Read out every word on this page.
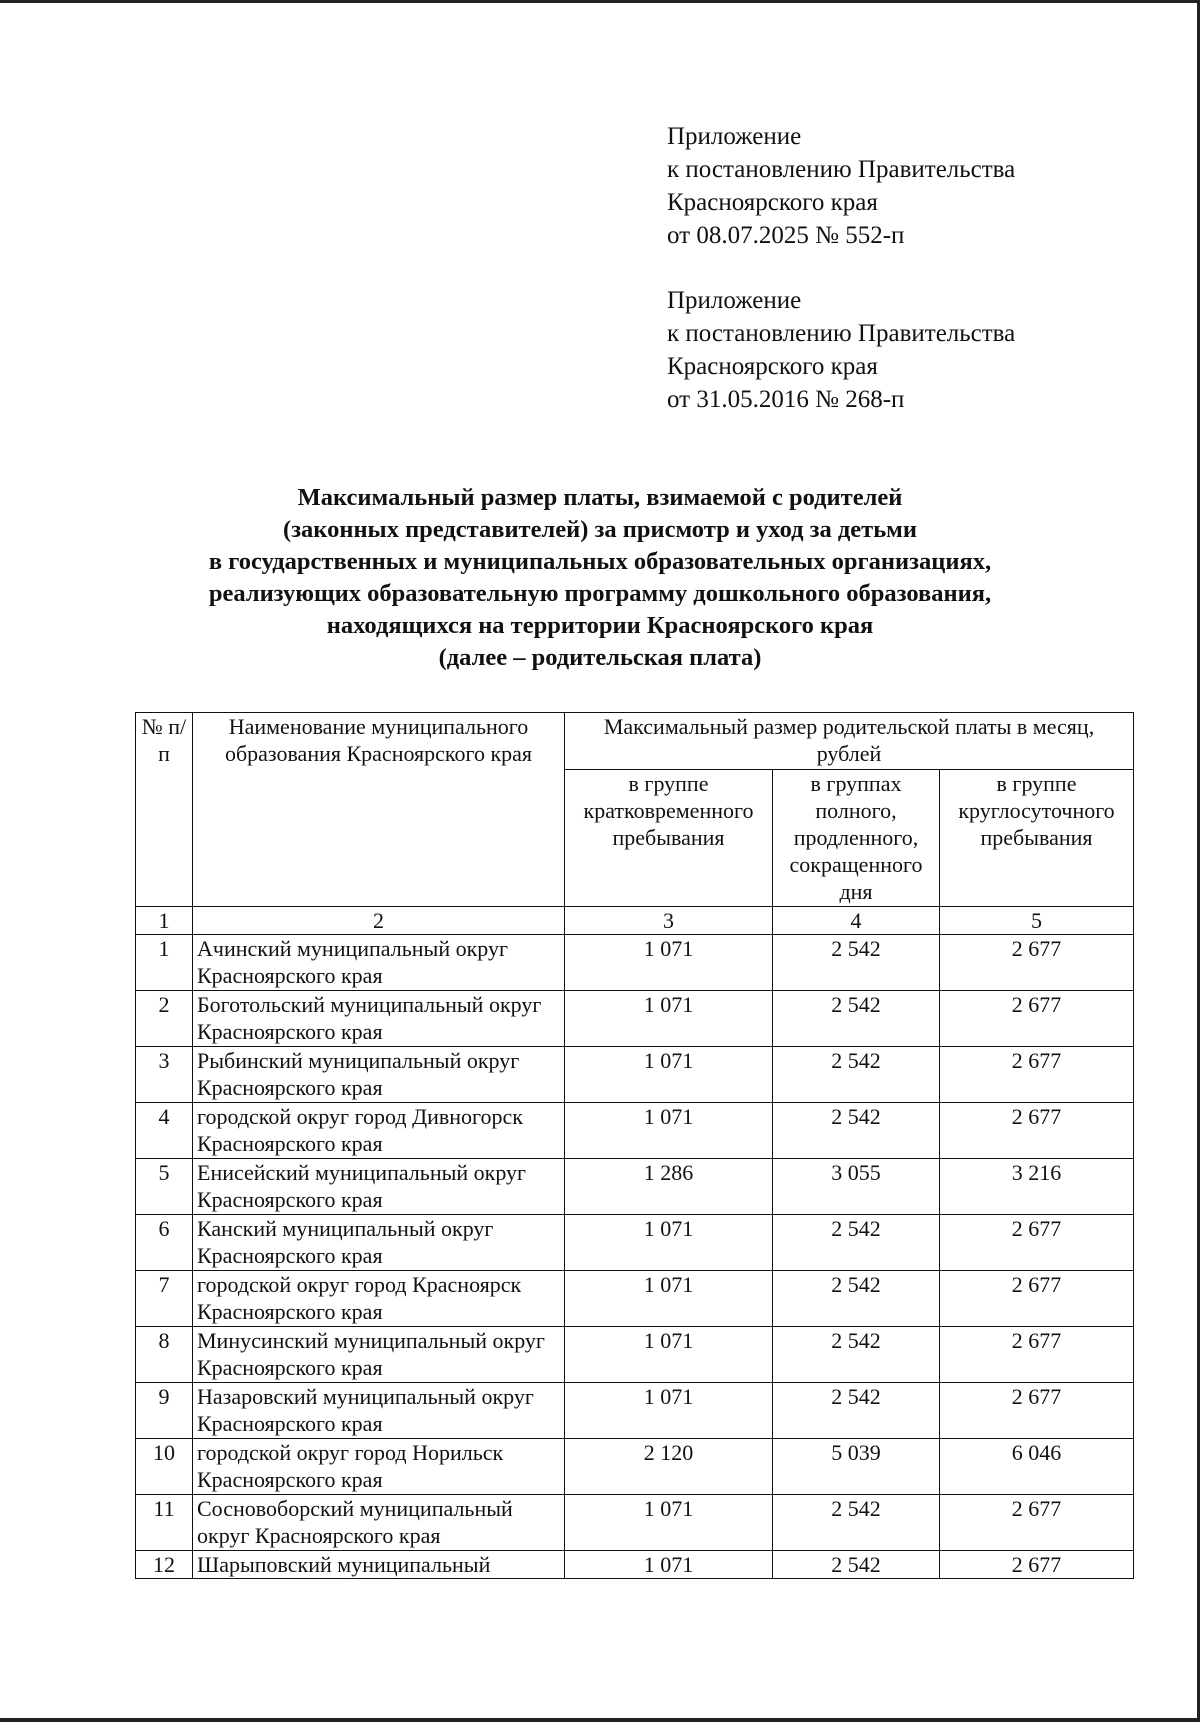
Приложение
к постановлению Правительства
Красноярского края
от 08.07.2025 № 552-п
Приложение
к постановлению Правительства
Красноярского края
от 31.05.2016 № 268-п
Максимальный размер платы, взимаемой с родителей
(законных представителей) за присмотр и уход за детьми
в государственных и муниципальных образовательных организациях,
реализующих образовательную программу дошкольного образования,
находящихся на территории Красноярского края
(далее – родительская плата)
№ п/п	Наименование муниципального образования Красноярского края	Максимальный размер родительской платы в месяц, рублей		
		в группе кратковременного пребывания	в группах полного, продленного, сокращенного дня	в группе круглосуточного пребывания
1	2	3	4	5
1	Ачинский муниципальный округ Красноярского края	1 071	2 542	2 677
2	Боготольский муниципальный округ Красноярского края	1 071	2 542	2 677
3	Рыбинский муниципальный округ Красноярского края	1 071	2 542	2 677
4	городской округ город Дивногорск Красноярского края	1 071	2 542	2 677
5	Енисейский муниципальный округ Красноярского края	1 286	3 055	3 216
6	Канский муниципальный округ Красноярского края	1 071	2 542	2 677
7	городской округ город Красноярск Красноярского края	1 071	2 542	2 677
8	Минусинский муниципальный округ Красноярского края	1 071	2 542	2 677
9	Назаровский муниципальный округ Красноярского края	1 071	2 542	2 677
10	городской округ город Норильск Красноярского края	2 120	5 039	6 046
11	Сосновоборский муниципальный округ Красноярского края	1 071	2 542	2 677
12	Шарыповский муниципальный	1 071	2 542	2 677
